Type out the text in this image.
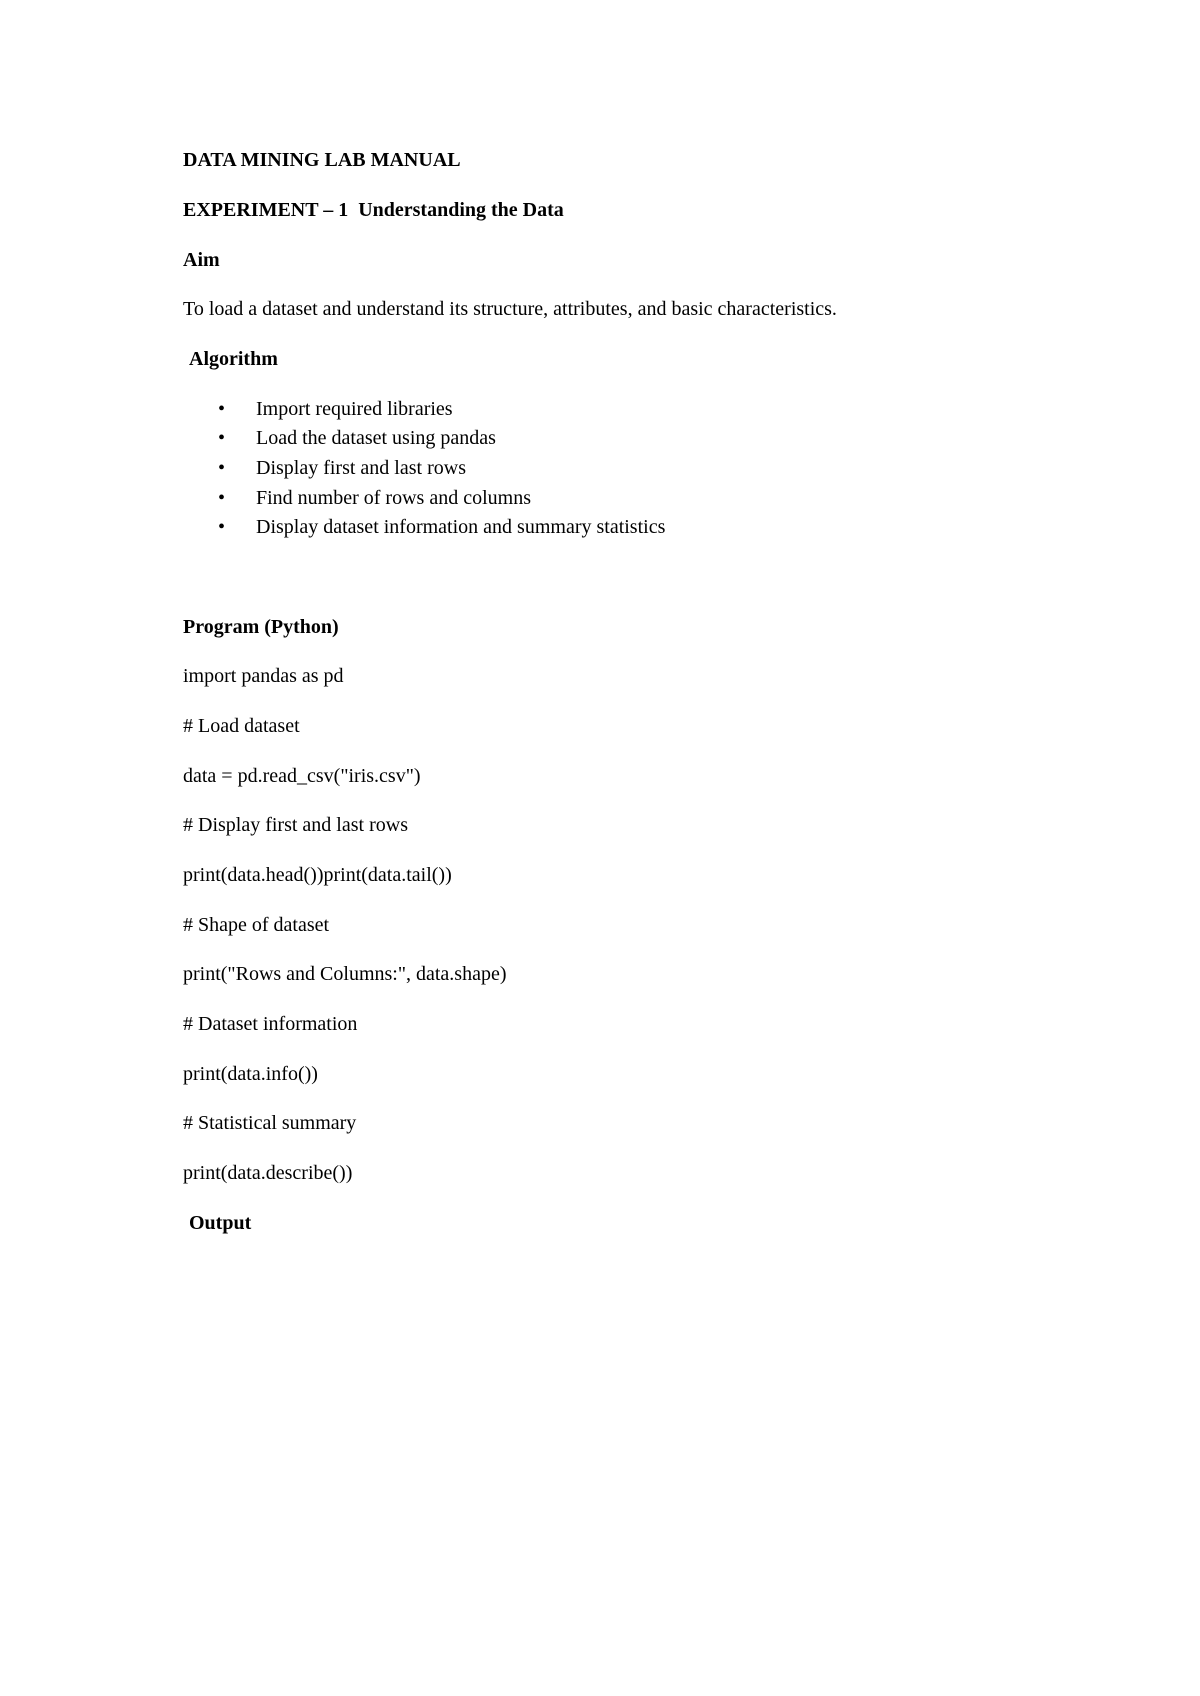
DATA MINING LAB MANUAL
EXPERIMENT – 1  Understanding the Data
Aim
To load a dataset and understand its structure, attributes, and basic characteristics.
Algorithm

•

Import required libraries

•

Load the dataset using pandas

•

Display first and last rows

•

Find number of rows and columns

•

Display dataset information and summary statistics

Program (Python)
import pandas as pd
# Load dataset
data = pd.read_csv("iris.csv")
# Display first and last rows
print(data.head())print(data.tail())
# Shape of dataset
print("Rows and Columns:", data.shape)
# Dataset information
print(data.info())
# Statistical summary
print(data.describe())
Output
